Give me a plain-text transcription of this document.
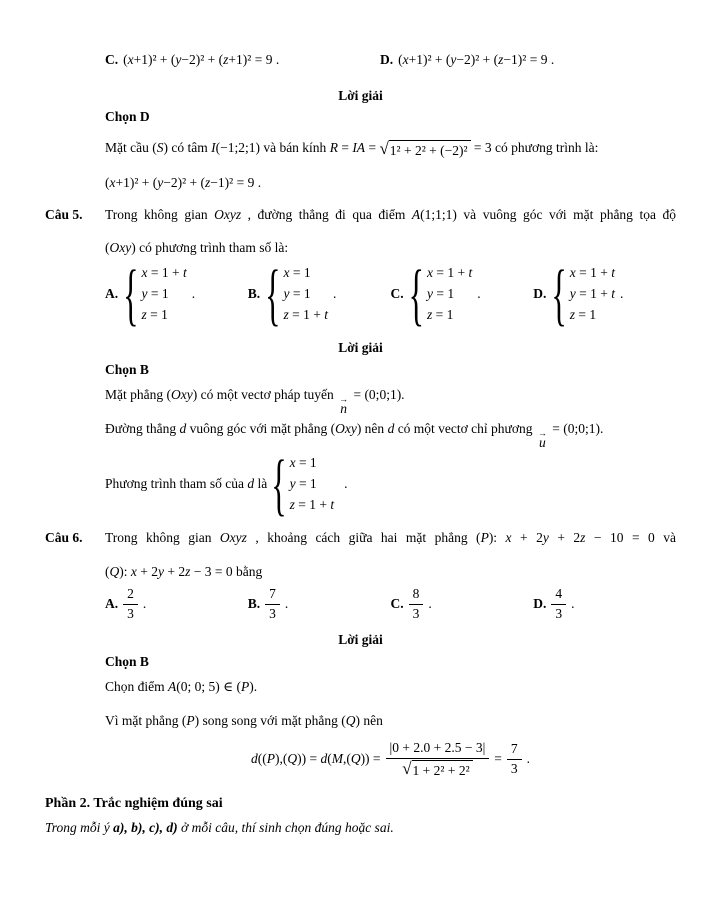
C. (x+1)² + (y−2)² + (z+1)² = 9 .	D. (x+1)² + (y−2)² + (z−1)² = 9 .
Lời giải
Chọn D
Mặt cầu (S) có tâm I(−1;2;1) và bán kính R = IA = √1² + 2² + (−2)² = 3 có phương trình là:
(x+1)² + (y−2)² + (z−1)² = 9 .
Câu 5. Trong không gian Oxyz , đường thẳng đi qua điểm A(1;1;1) và vuông góc với mặt phẳng tọa độ
(Oxy) có phương trình tham số là:
A. { x = 1 + t
y = 1
z = 1
.	B. { x = 1
y = 1
z = 1 + t
.	C. { x = 1 + t
y = 1
z = 1
.	D. { x = 1 + t
y = 1 + t
z = 1
.
Lời giải
Chọn B
Mặt phẳng (Oxy) có một vectơ pháp tuyến →
n
= (0;0;1).
Đường thẳng d vuông góc với mặt phẳng (Oxy) nên d có một vectơ chỉ phương →
u
= (0;0;1).
Phương trình tham số của d là { x = 1
y = 1
z = 1 + t
.
Câu 6. Trong không gian Oxyz , khoảng cách giữa hai mặt phẳng (P): x + 2y + 2z − 10 = 0 và
(Q): x + 2y + 2z − 3 = 0 bằng
A. $\frac{2}{3}$ .	B. $\frac{7}{3}$ .	C. $\frac{8}{3}$ .	D. $\frac{4}{3}$ .
Lời giải
Chọn B
Chọn điểm A(0; 0; 5) ∈ (P).
Vì mặt phẳng (P) song song với mặt phẳng (Q) nên
$d((P),(Q)) = d(M,(Q)) = \frac{|0 + 2.0 + 2.5 - 3|}{\text{√1 + 2² + 2²}} = \frac{7}{3}$ .
Phần 2. Trắc nghiệm đúng sai
Trong mỗi ý a), b), c), d) ở mỗi câu, thí sinh chọn đúng hoặc sai.
